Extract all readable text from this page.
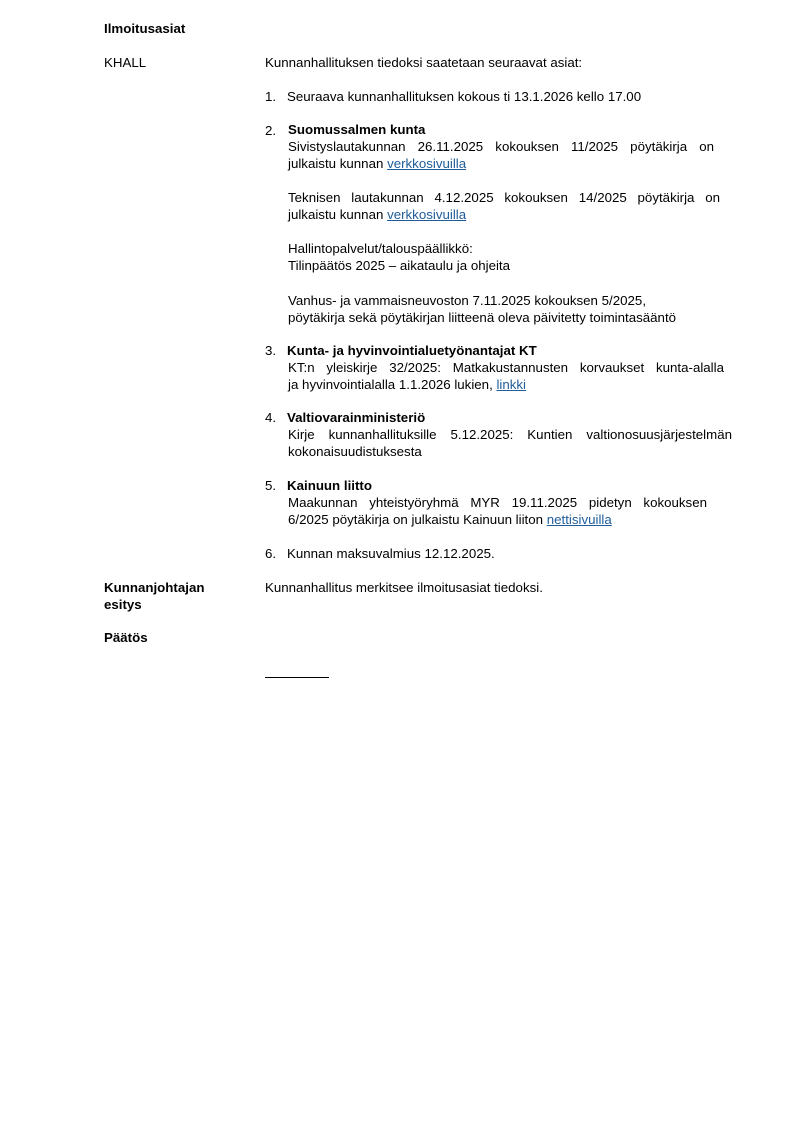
Ilmoitusasiat
KHALL	Kunnanhallituksen tiedoksi saatetaan seuraavat asiat:
1. Seuraava kunnanhallituksen kokous ti 13.1.2026 kello 17.00
2. Suomussalmen kunta
Sivistyslautakunnan 26.11.2025 kokouksen 11/2025 pöytäkirja on
julkaistu kunnan verkkosivuilla
Teknisen lautakunnan 4.12.2025 kokouksen 14/2025 pöytäkirja on
julkaistu kunnan verkkosivuilla
Hallintopalvelut/talouspäällikkö:
Tilinpäätös 2025 – aikataulu ja ohjeita
Vanhus- ja vammaisneuvoston 7.11.2025 kokouksen 5/2025,
pöytäkirja sekä pöytäkirjan liitteenä oleva päivitetty toimintasääntö
3. Kunta- ja hyvinvointialuetyönantajat KT
KT:n yleiskirje 32/2025: Matkakustannusten korvaukset kunta-alalla
ja hyvinvointialalla 1.1.2026 lukien, linkki
4. Valtiovarainministeriö
Kirje kunnanhallituksille 5.12.2025: Kuntien valtionosuusjärjestelmän
kokonaisuudistuksesta
5. Kainuun liitto
Maakunnan yhteistyöryhmä MYR 19.11.2025 pidetyn kokouksen
6/2025 pöytäkirja on julkaistu Kainuun liiton nettisivuilla
6. Kunnan maksuvalmius 12.12.2025.
Kunnanjohtajan
esitys
Kunnanhallitus merkitsee ilmoitusasiat tiedoksi.
Päätös
